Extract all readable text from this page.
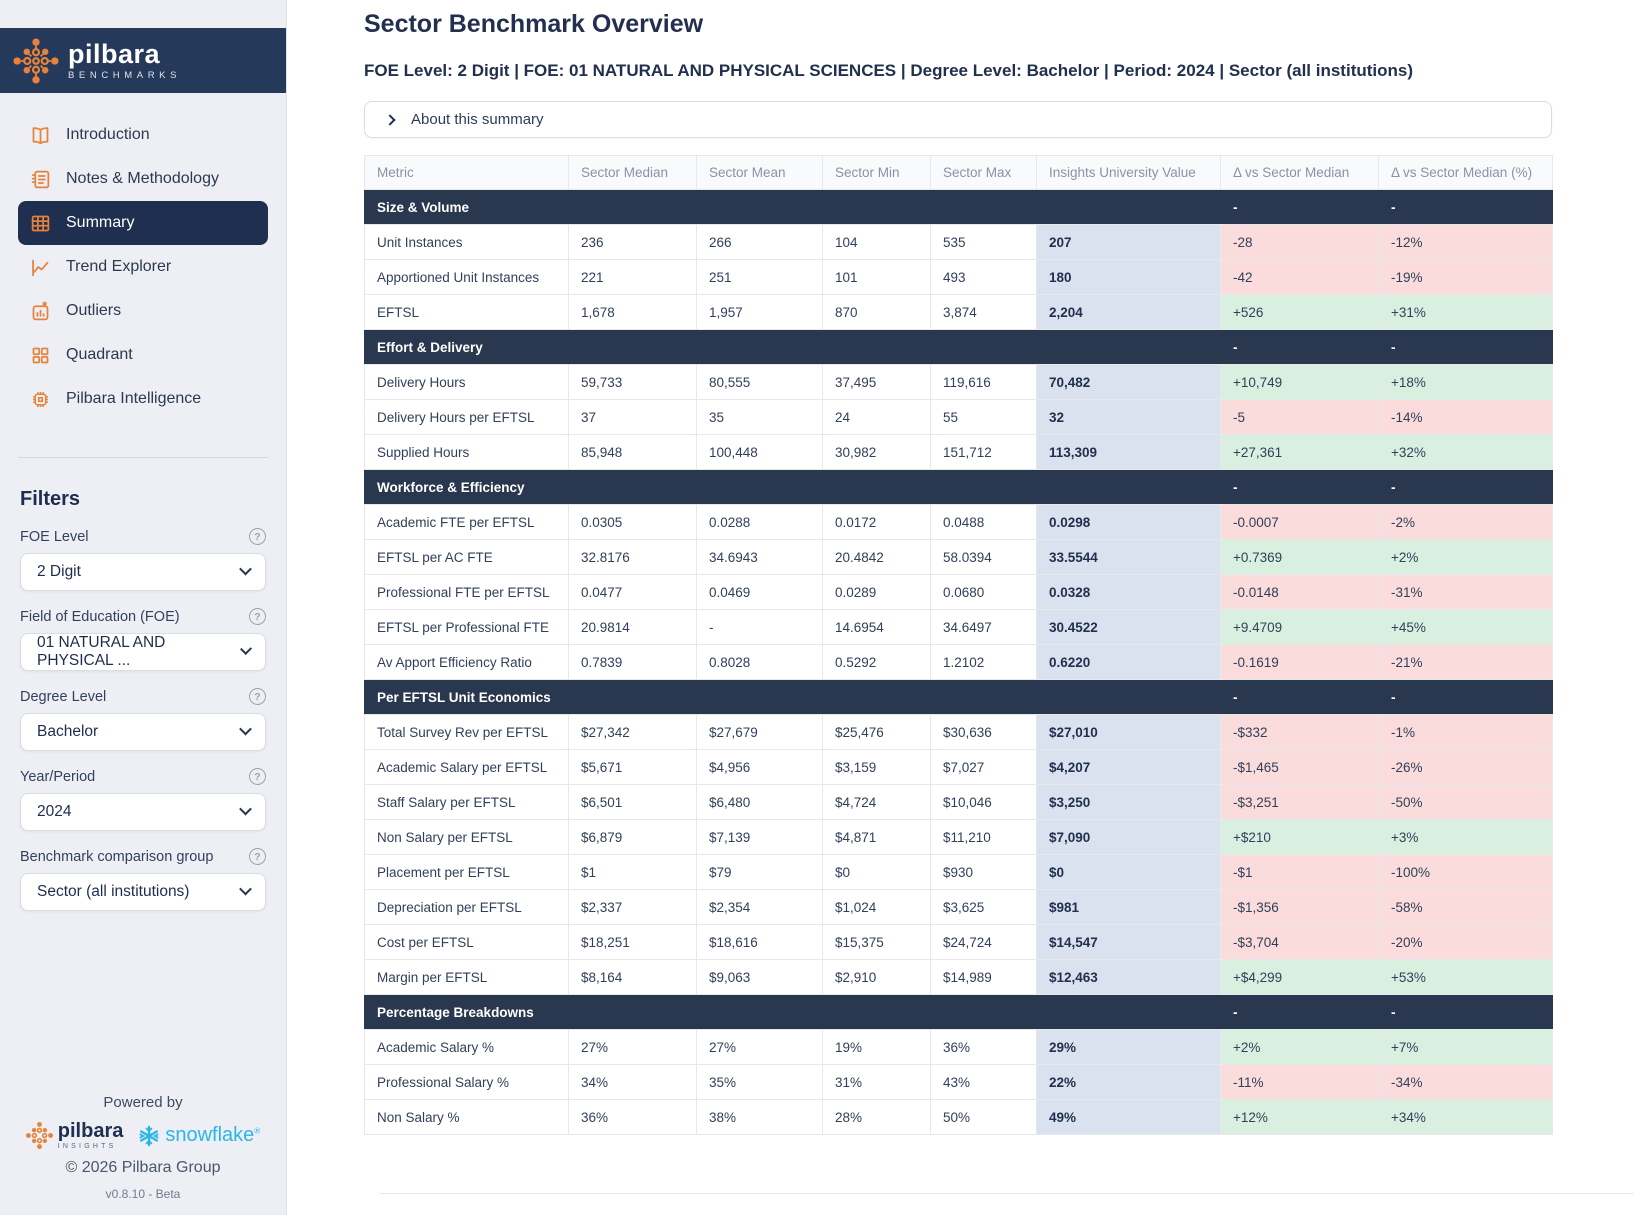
pilbara
BENCHMARKS
Introduction
Notes & Methodology
Summary
Trend Explorer
Outliers
Quadrant
Pilbara Intelligence
Filters
FOE Level	?
2 Digit
Field of Education (FOE)	?
01 NATURAL AND PHYSICAL ...
Degree Level	?
Bachelor
Year/Period	?
2024
Benchmark comparison group	?
Sector (all institutions)
Powered by
pilbara
INSIGHTS
snowflake®
© 2026 Pilbara Group
v0.8.10 - Beta
Sector Benchmark Overview
FOE Level: 2 Digit | FOE: 01 NATURAL AND PHYSICAL SCIENCES | Degree Level: Bachelor | Period: 2024 | Sector (all institutions)
About this summary
Metric	Sector Median	Sector Mean	Sector Min	Sector Max	Insights University Value	Δ vs Sector Median	Δ vs Sector Median (%)
Size & Volume						-	-
Unit Instances	236	266	104	535	207	-28	-12%
Apportioned Unit Instances	221	251	101	493	180	-42	-19%
EFTSL	1,678	1,957	870	3,874	2,204	+526	+31%
Effort & Delivery						-	-
Delivery Hours	59,733	80,555	37,495	119,616	70,482	+10,749	+18%
Delivery Hours per EFTSL	37	35	24	55	32	-5	-14%
Supplied Hours	85,948	100,448	30,982	151,712	113,309	+27,361	+32%
Workforce & Efficiency						-	-
Academic FTE per EFTSL	0.0305	0.0288	0.0172	0.0488	0.0298	-0.0007	-2%
EFTSL per AC FTE	32.8176	34.6943	20.4842	58.0394	33.5544	+0.7369	+2%
Professional FTE per EFTSL	0.0477	0.0469	0.0289	0.0680	0.0328	-0.0148	-31%
EFTSL per Professional FTE	20.9814	-	14.6954	34.6497	30.4522	+9.4709	+45%
Av Apport Efficiency Ratio	0.7839	0.8028	0.5292	1.2102	0.6220	-0.1619	-21%
Per EFTSL Unit Economics						-	-
Total Survey Rev per EFTSL	$27,342	$27,679	$25,476	$30,636	$27,010	-$332	-1%
Academic Salary per EFTSL	$5,671	$4,956	$3,159	$7,027	$4,207	-$1,465	-26%
Staff Salary per EFTSL	$6,501	$6,480	$4,724	$10,046	$3,250	-$3,251	-50%
Non Salary per EFTSL	$6,879	$7,139	$4,871	$11,210	$7,090	+$210	+3%
Placement per EFTSL	$1	$79	$0	$930	$0	-$1	-100%
Depreciation per EFTSL	$2,337	$2,354	$1,024	$3,625	$981	-$1,356	-58%
Cost per EFTSL	$18,251	$18,616	$15,375	$24,724	$14,547	-$3,704	-20%
Margin per EFTSL	$8,164	$9,063	$2,910	$14,989	$12,463	+$4,299	+53%
Percentage Breakdowns						-	-
Academic Salary %	27%	27%	19%	36%	29%	+2%	+7%
Professional Salary %	34%	35%	31%	43%	22%	-11%	-34%
Non Salary %	36%	38%	28%	50%	49%	+12%	+34%
